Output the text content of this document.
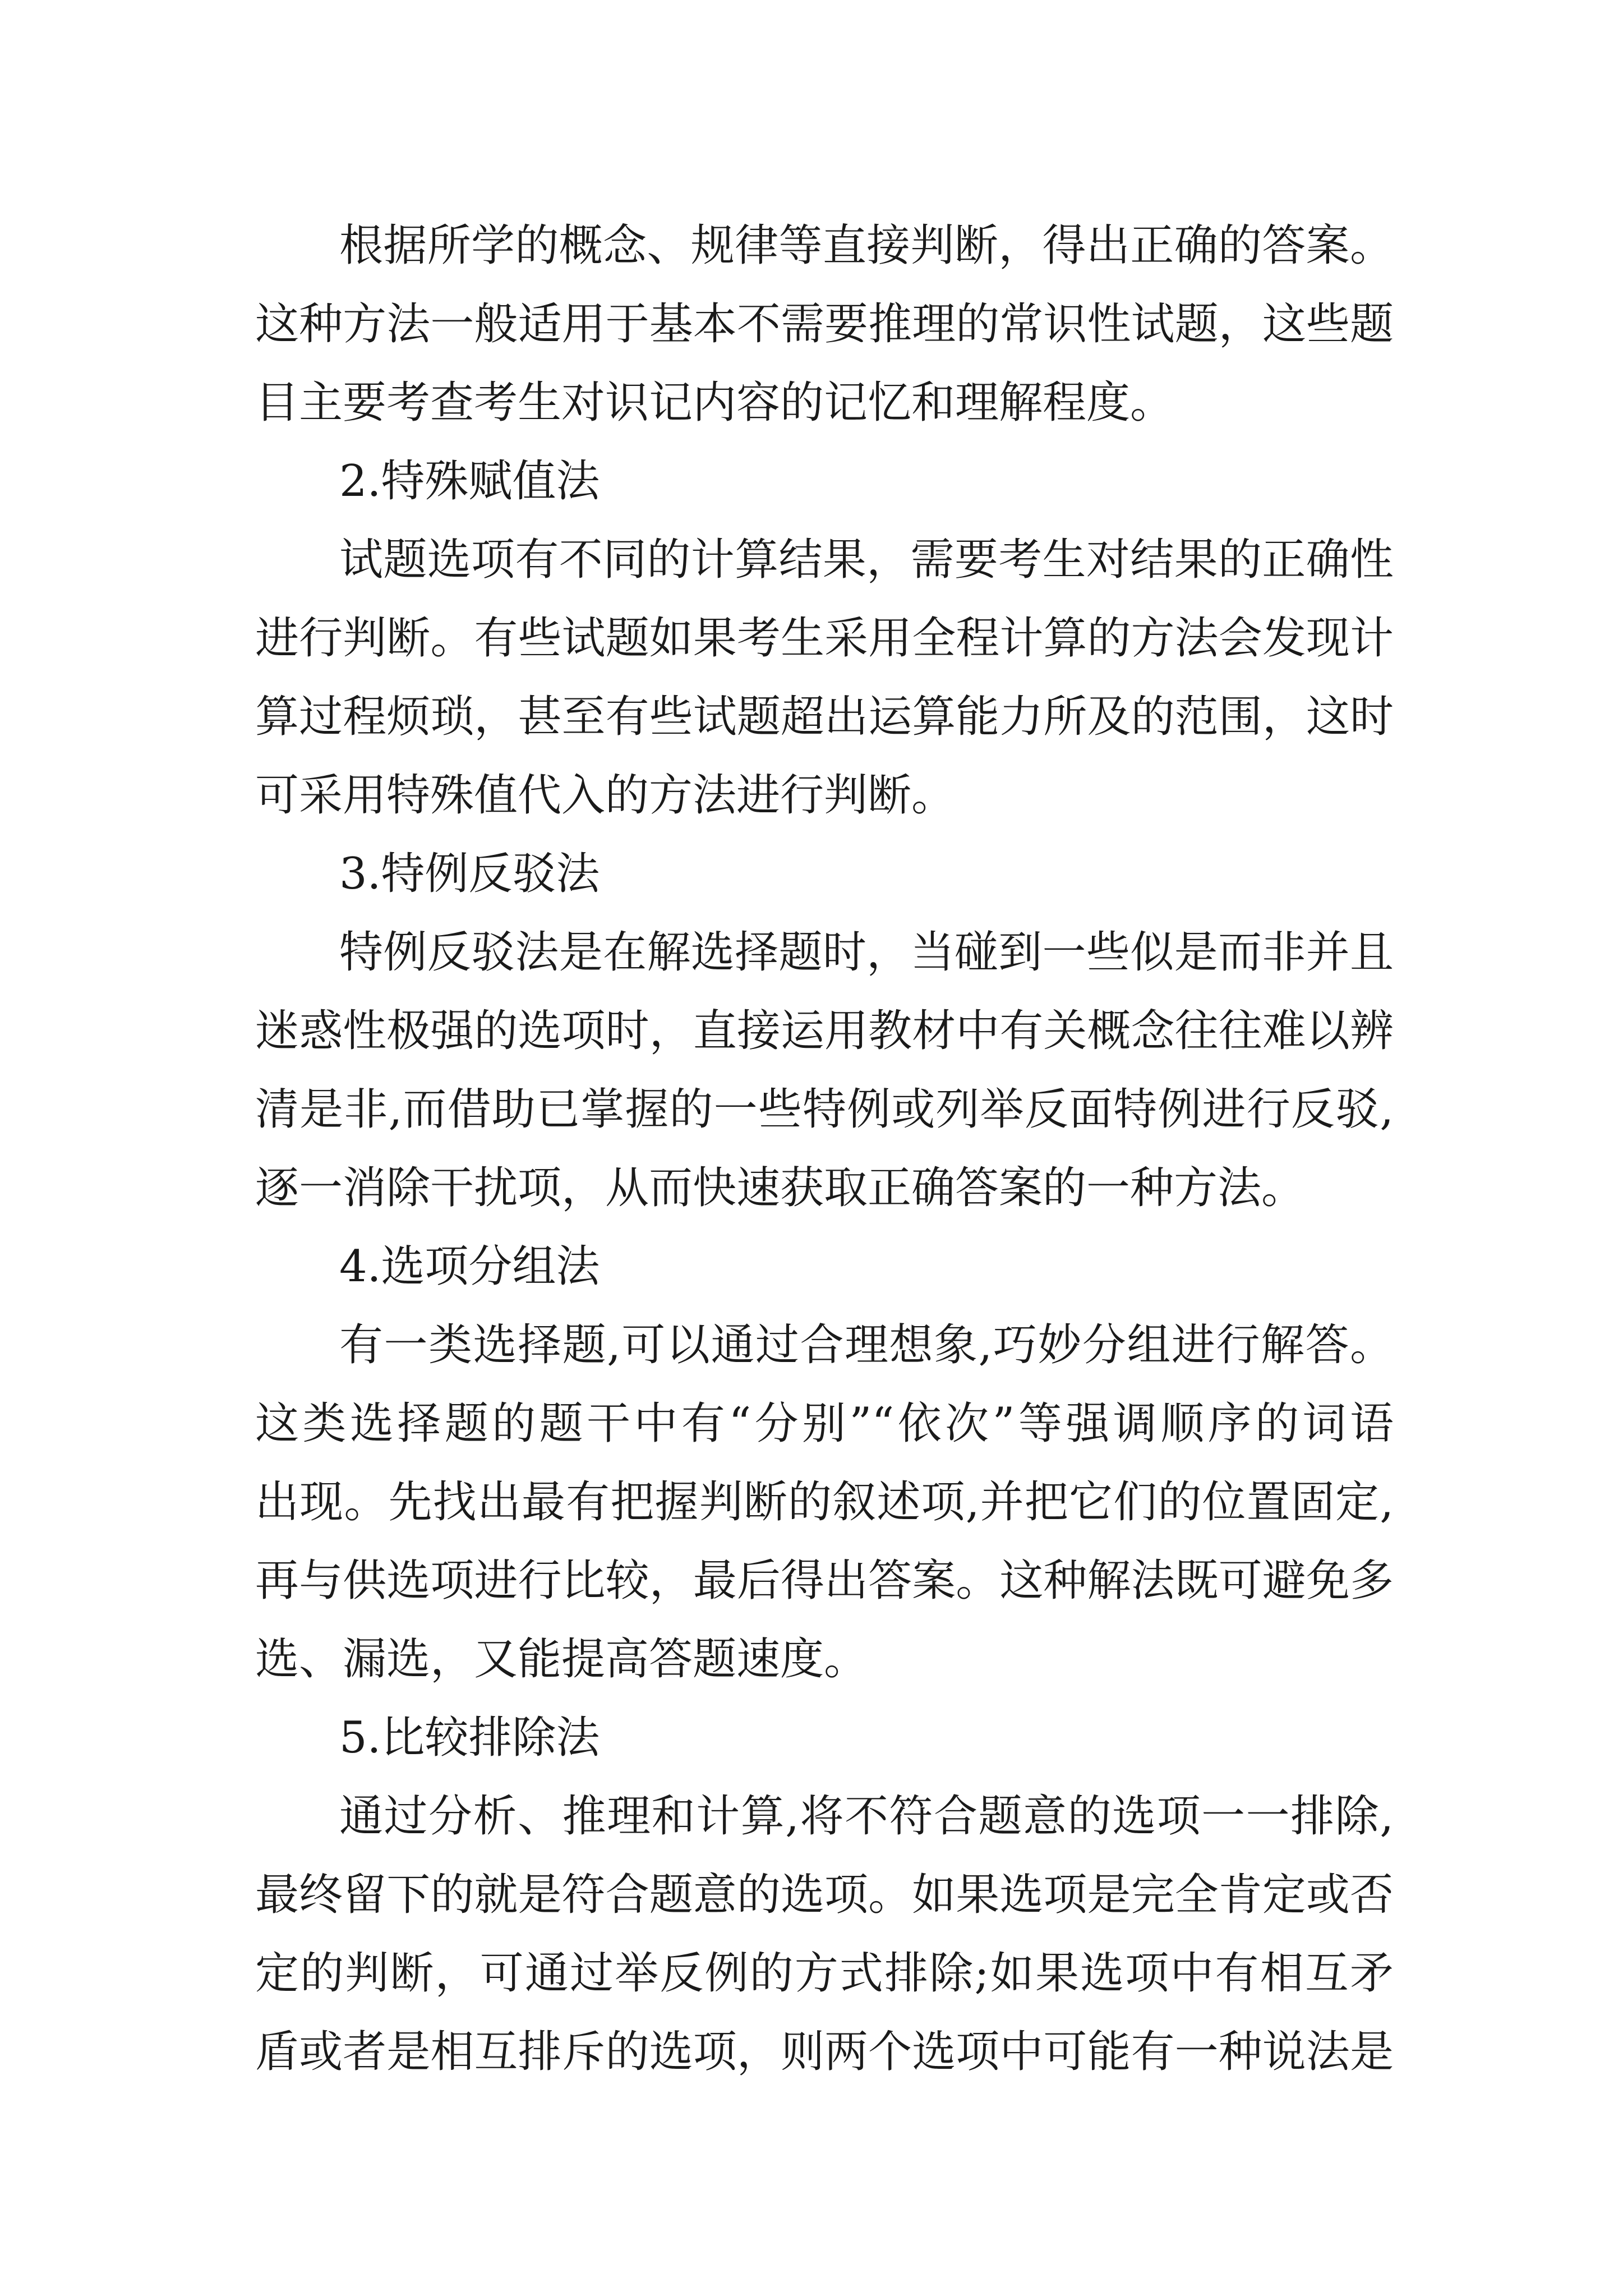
根据所学的概念、规律等直接判断，得出正确的答案。
这种方法一般适用于基本不需要推理的常识性试题，这些题
目主要考查考生对识记内容的记忆和理解程度。
2.特殊赋值法
试题选项有不同的计算结果，需要考生对结果的正确性
进行判断。有些试题如果考生采用全程计算的方法会发现计
算过程烦琐，甚至有些试题超出运算能力所及的范围，这时
可采用特殊值代入的方法进行判断。
3.特例反驳法
特例反驳法是在解选择题时，当碰到一些似是而非并且
迷惑性极强的选项时，直接运用教材中有关概念往往难以辨
清是非,而借助已掌握的一些特例或列举反面特例进行反驳,
逐一消除干扰项，从而快速获取正确答案的一种方法。
4.选项分组法
有一类选择题,可以通过合理想象,巧妙分组进行解答。
这类选择题的题干中有“分别”“依次”等强调顺序的词语
出现。先找出最有把握判断的叙述项,并把它们的位置固定,
再与供选项进行比较，最后得出答案。这种解法既可避免多
选、漏选，又能提高答题速度。
5.比较排除法
通过分析、推理和计算,将不符合题意的选项一一排除,
最终留下的就是符合题意的选项。如果选项是完全肯定或否
定的判断，可通过举反例的方式排除;如果选项中有相互矛
盾或者是相互排斥的选项，则两个选项中可能有一种说法是
